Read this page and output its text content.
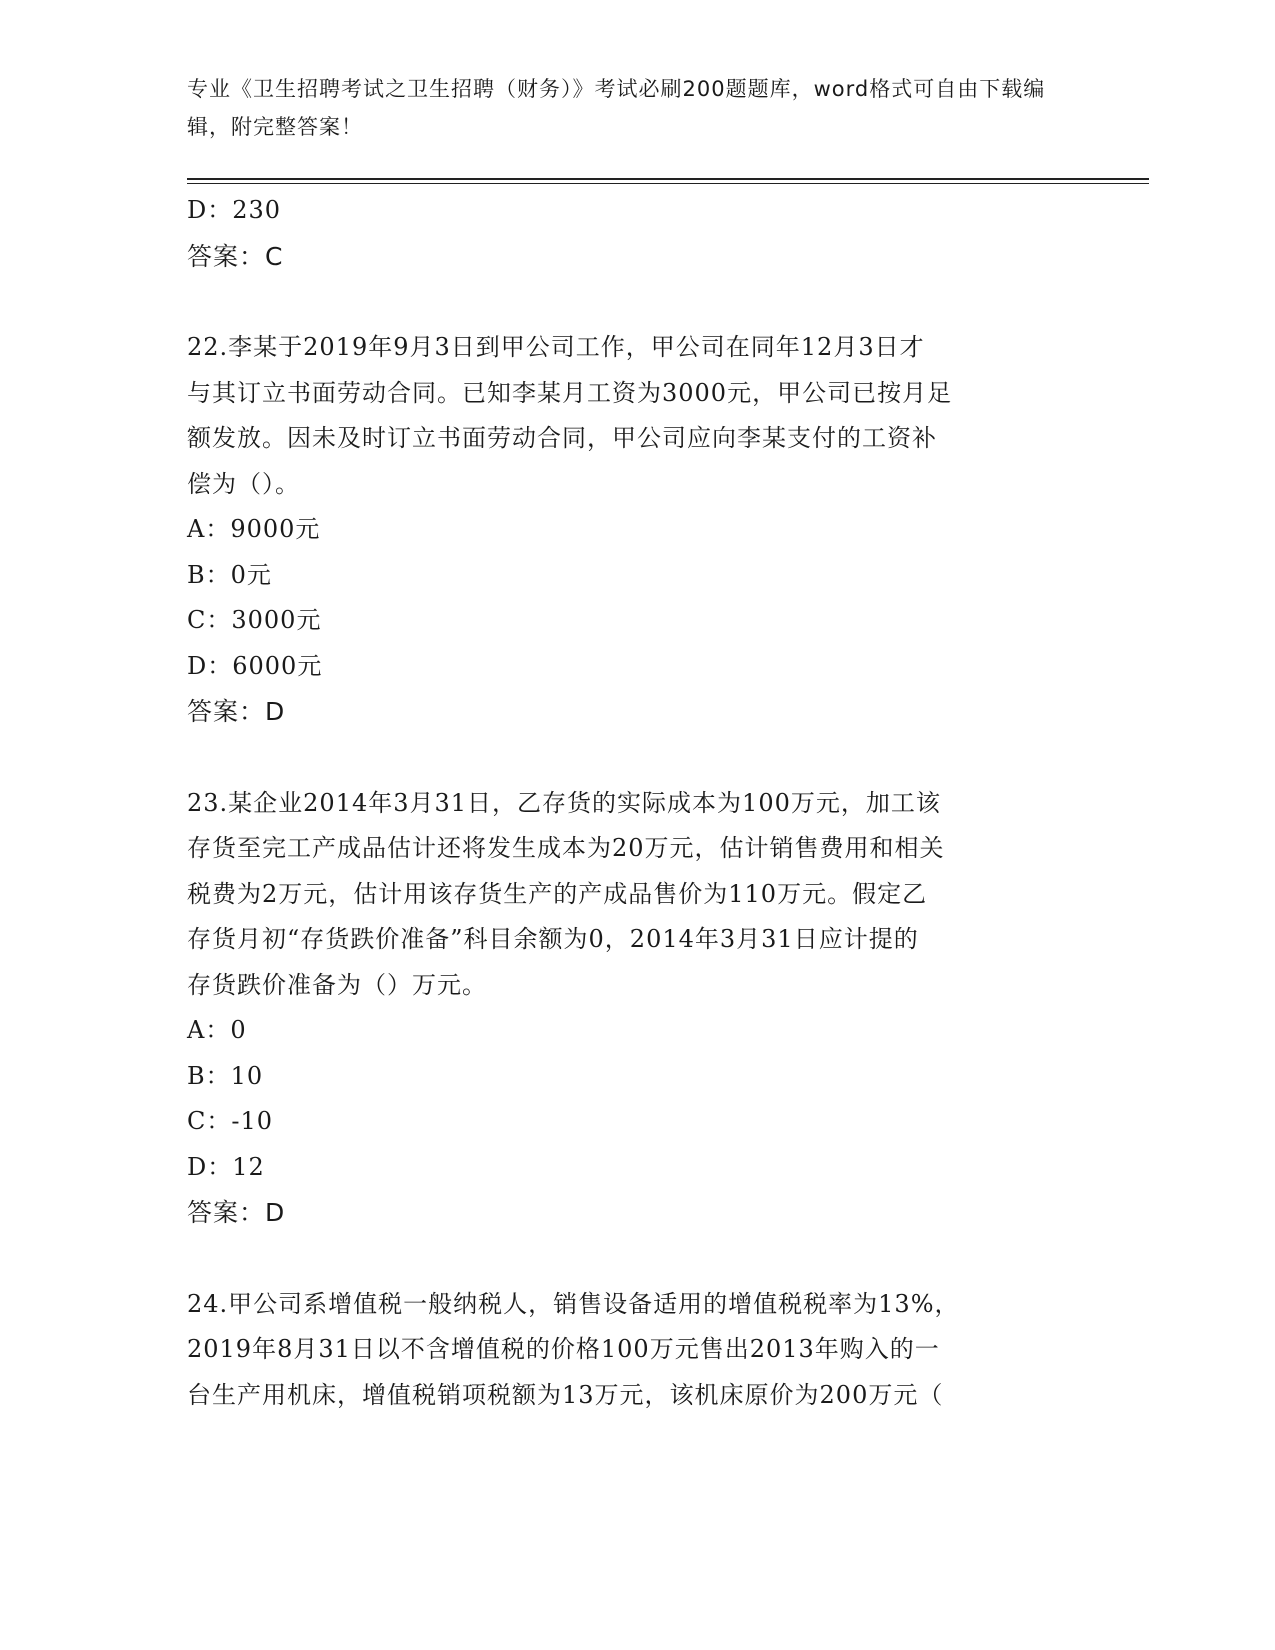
专业《卫生招聘考试之卫生招聘（财务）》考试必刷200题题库，word格式可自由下载编辑，附完整答案！
D：230
答案：C
22.李某于2019年9月3日到甲公司工作，甲公司在同年12月3日才
与其订立书面劳动合同。已知李某月工资为3000元，甲公司已按月足
额发放。因未及时订立书面劳动合同，甲公司应向李某支付的工资补
偿为（）。
A：9000元
B：0元
C：3000元
D：6000元
答案：D
23.某企业2014年3月31日，乙存货的实际成本为100万元，加工该
存货至完工产成品估计还将发生成本为20万元，估计销售费用和相关
税费为2万元，估计用该存货生产的产成品售价为110万元。假定乙
存货月初“存货跌价准备”科目余额为0，2014年3月31日应计提的
存货跌价准备为（）万元。
A：0
B：10
C：-10
D：12
答案：D
24.甲公司系增值税一般纳税人，销售设备适用的增值税税率为13%，
2019年8月31日以不含增值税的价格100万元售出2013年购入的一
台生产用机床，增值税销项税额为13万元，该机床原价为200万元（
